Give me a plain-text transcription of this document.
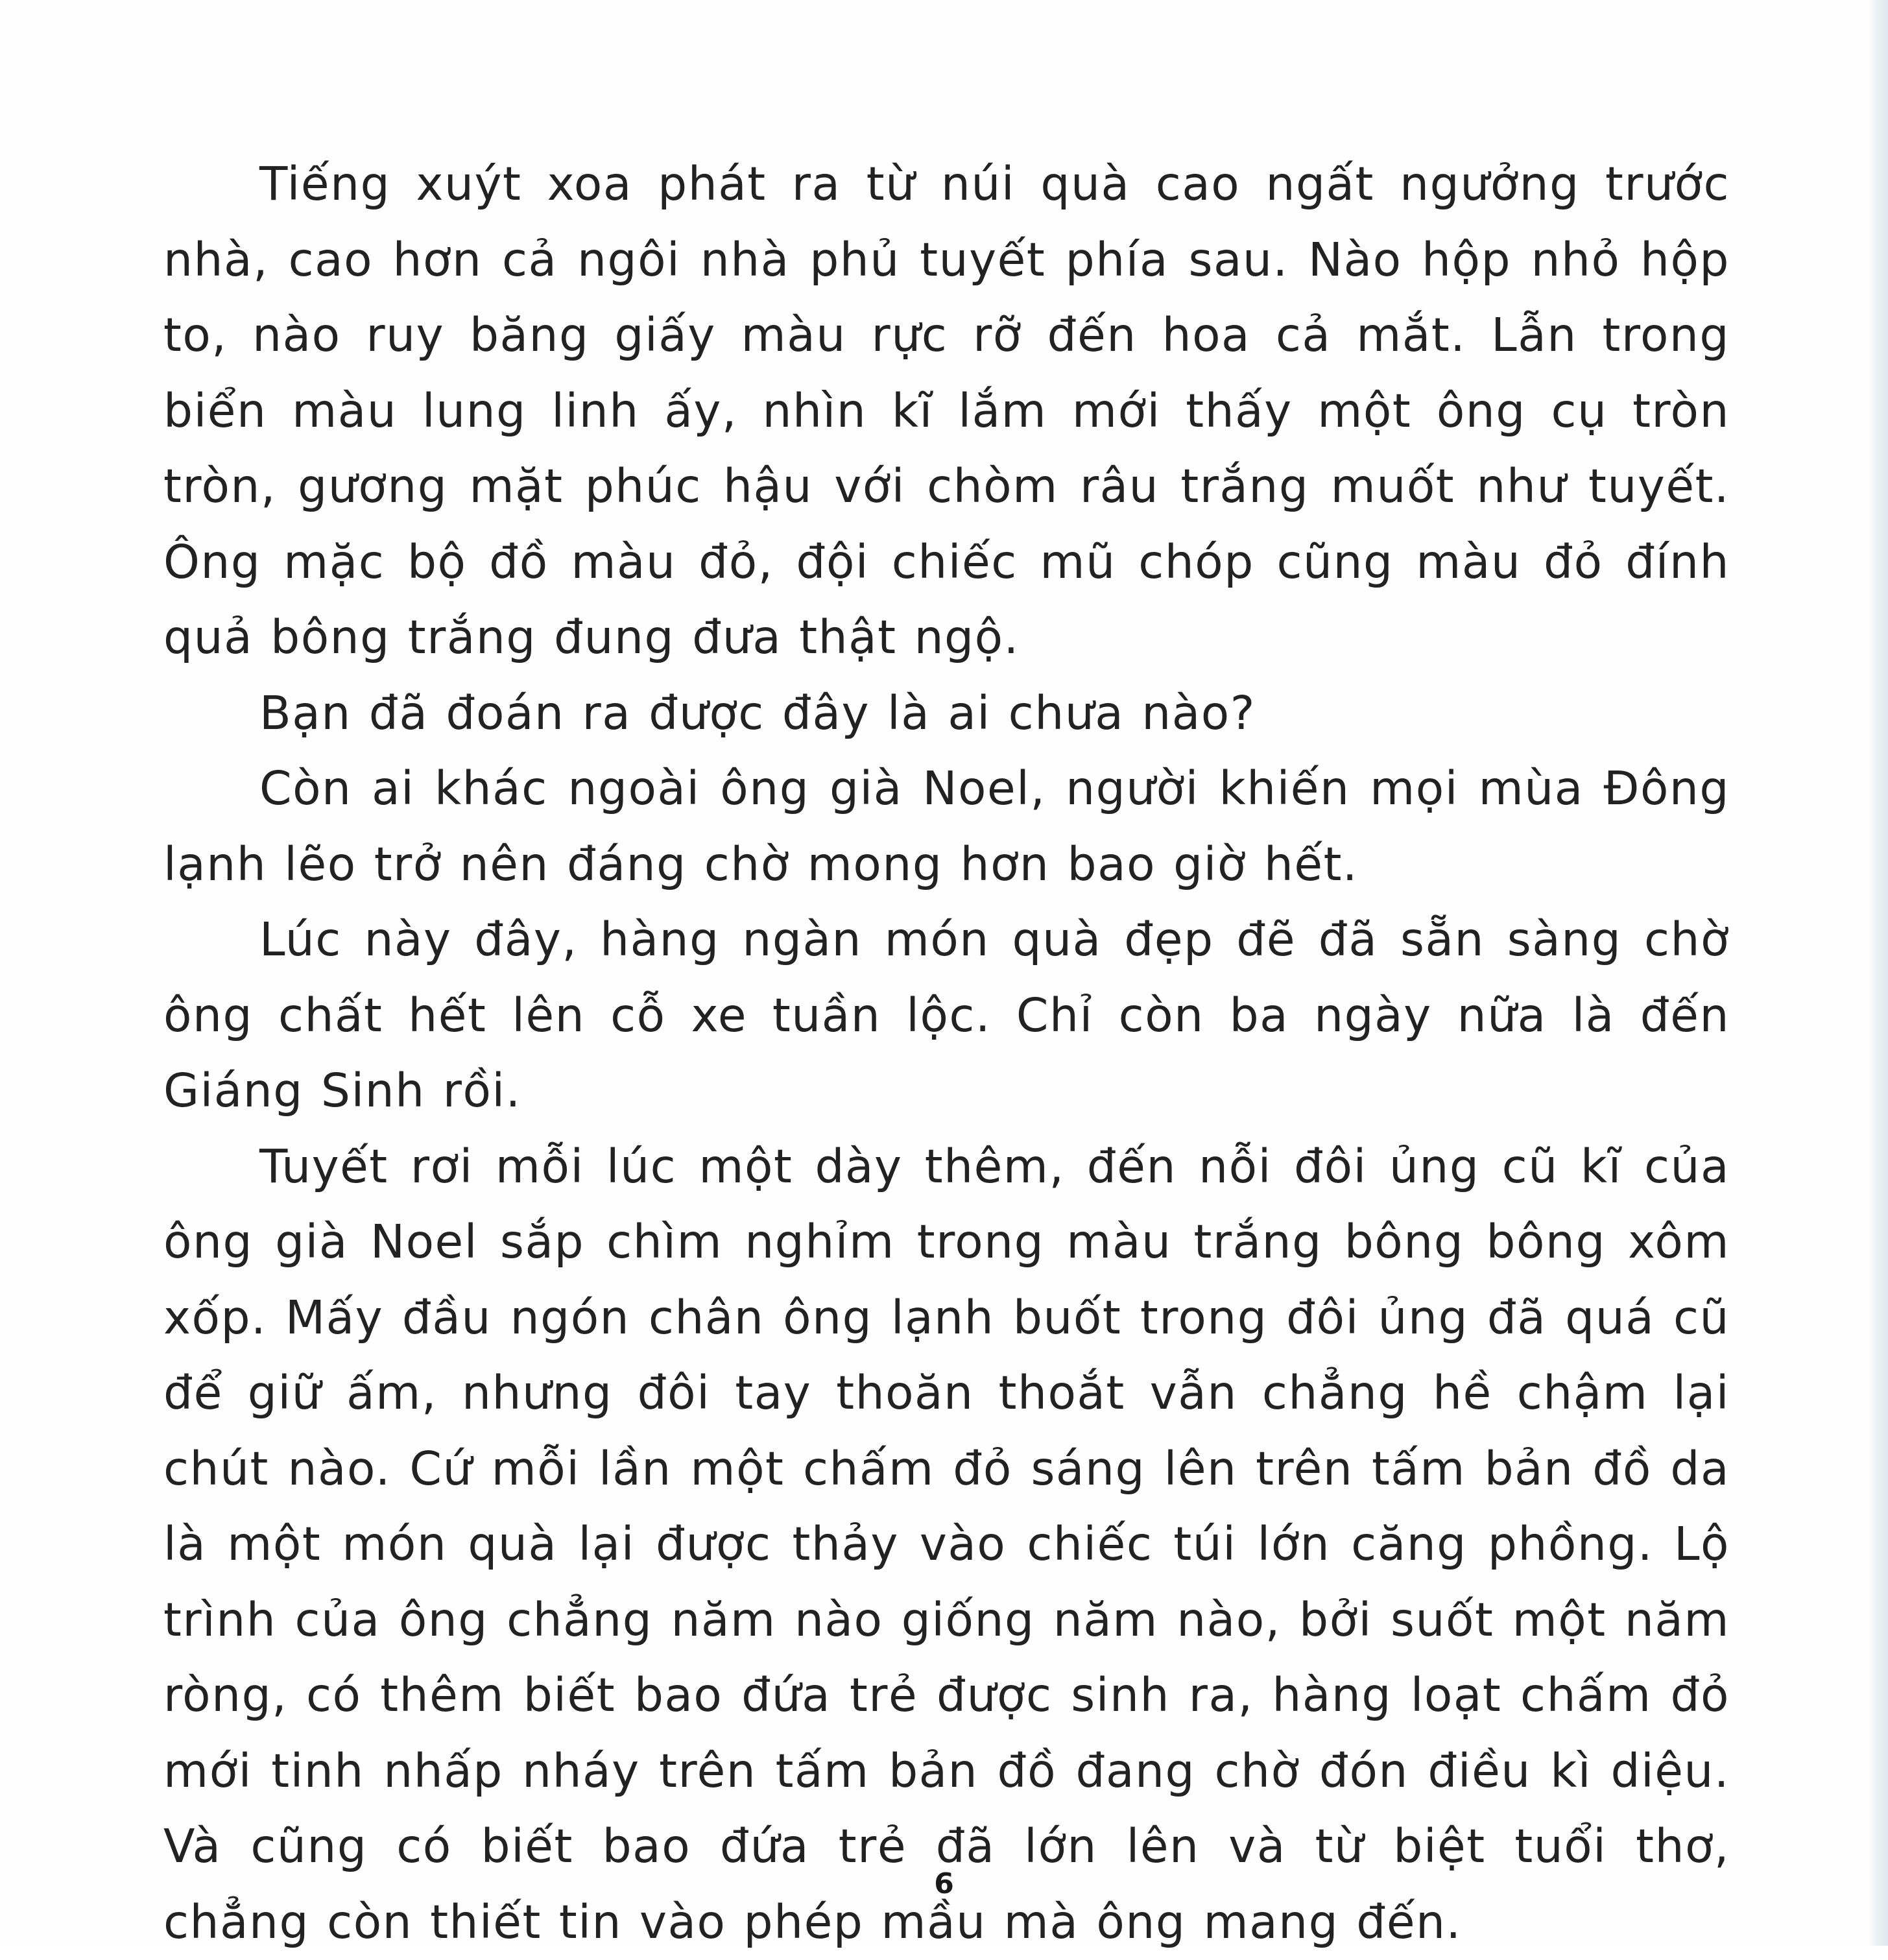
Tiếng xuýt xoa phát ra từ núi quà cao ngất ngưởng trước nhà, cao hơn cả ngôi nhà phủ tuyết phía sau. Nào hộp nhỏ hộp to, nào ruy băng giấy màu rực rỡ đến hoa cả mắt. Lẫn trong biển màu lung linh ấy, nhìn kĩ lắm mới thấy một ông cụ tròn tròn, gương mặt phúc hậu với chòm râu trắng muốt như tuyết. Ông mặc bộ đồ màu đỏ, đội chiếc mũ chóp cũng màu đỏ đính quả bông trắng đung đưa thật ngộ.

Bạn đã đoán ra được đây là ai chưa nào?

Còn ai khác ngoài ông già Noel, người khiến mọi mùa Đông lạnh lẽo trở nên đáng chờ mong hơn bao giờ hết.

Lúc này đây, hàng ngàn món quà đẹp đẽ đã sẵn sàng chờ ông chất hết lên cỗ xe tuần lộc. Chỉ còn ba ngày nữa là đến Giáng Sinh rồi.

Tuyết rơi mỗi lúc một dày thêm, đến nỗi đôi ủng cũ kĩ của ông già Noel sắp chìm nghỉm trong màu trắng bông bông xôm xốp. Mấy đầu ngón chân ông lạnh buốt trong đôi ủng đã quá cũ để giữ ấm, nhưng đôi tay thoăn thoắt vẫn chẳng hề chậm lại chút nào. Cứ mỗi lần một chấm đỏ sáng lên trên tấm bản đồ da là một món quà lại được thảy vào chiếc túi lớn căng phồng. Lộ trình của ông chẳng năm nào giống năm nào, bởi suốt một năm ròng, có thêm biết bao đứa trẻ được sinh ra, hàng loạt chấm đỏ mới tinh nhấp nháy trên tấm bản đồ đang chờ đón điều kì diệu. Và cũng có biết bao đứa trẻ đã lớn lên và từ biệt tuổi thơ, chẳng còn thiết tin vào phép mầu mà ông mang đến.

6
